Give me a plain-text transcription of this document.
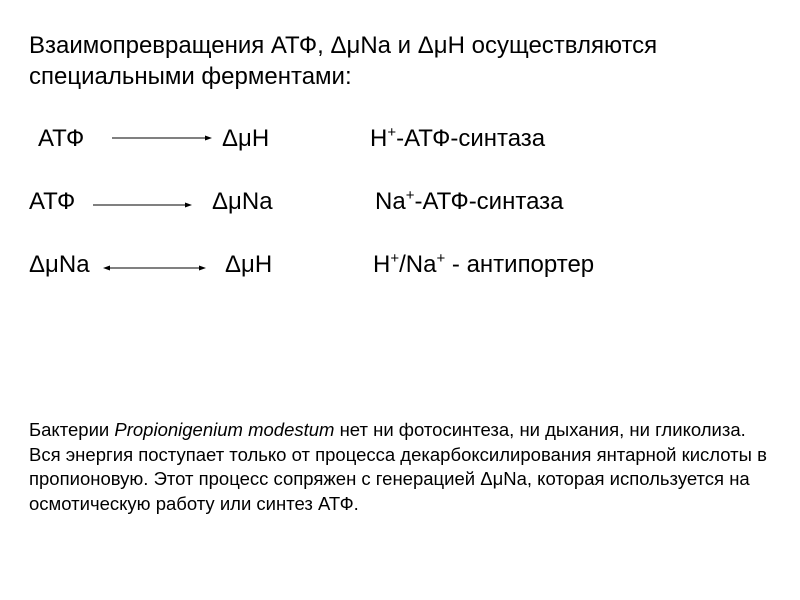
Взаимопревращения АТФ, ΔμNa и ΔμH осуществляются
специальными ферментами:
АТФ	ΔμH	H+-АТФ-синтаза
АТФ	ΔμNa	Na+-АТФ-синтаза
ΔμNa	ΔμH	H+/Na+ - антипортер
Бактерии Propionigenium modestum нет ни фотосинтеза, ни дыхания, ни гликолиза. Вся энергия поступает только от процесса декарбоксилирования янтарной кислоты в пропионовую. Этот процесс сопряжен с генерацией ΔμNa, которая используется на осмотическую работу или синтез АТФ.
